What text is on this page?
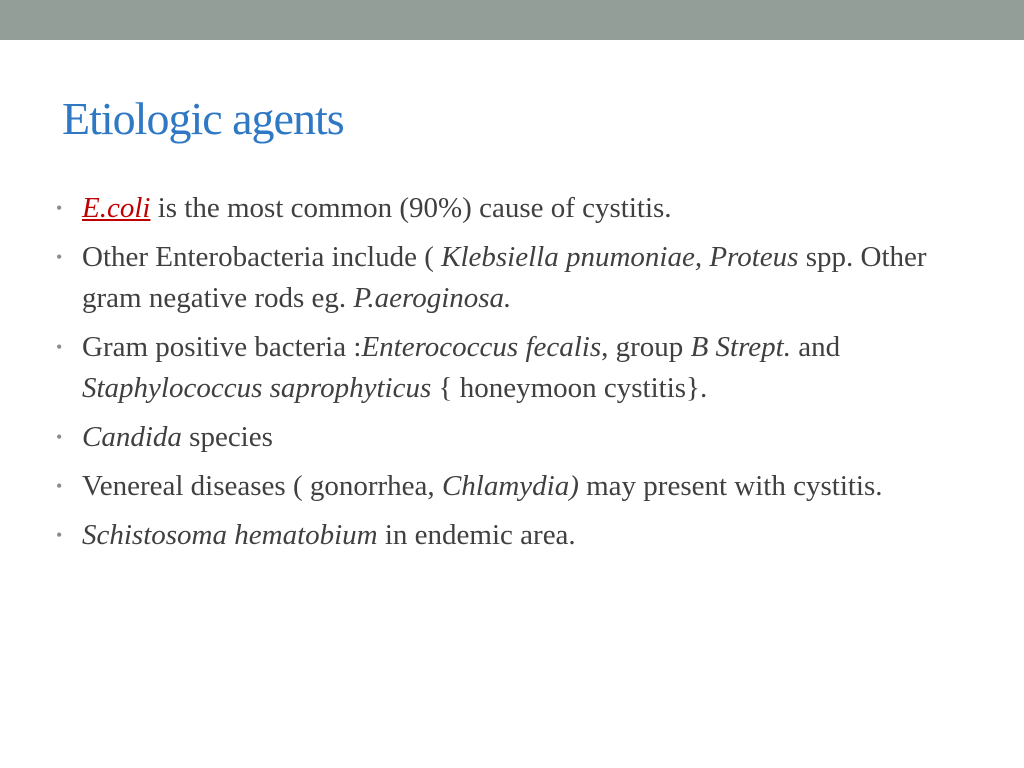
Etiologic agents
• E.coli is the most common (90%) cause of cystitis.
• Other Enterobacteria include ( Klebsiella pnumoniae, Proteus spp. Other gram negative rods eg. P.aeroginosa.
• Gram positive bacteria :Enterococcus fecalis, group B Strept. and Staphylococcus saprophyticus { honeymoon cystitis}.
• Candida species
• Venereal diseases ( gonorrhea, Chlamydia) may present with cystitis.
• Schistosoma hematobium in endemic area.
